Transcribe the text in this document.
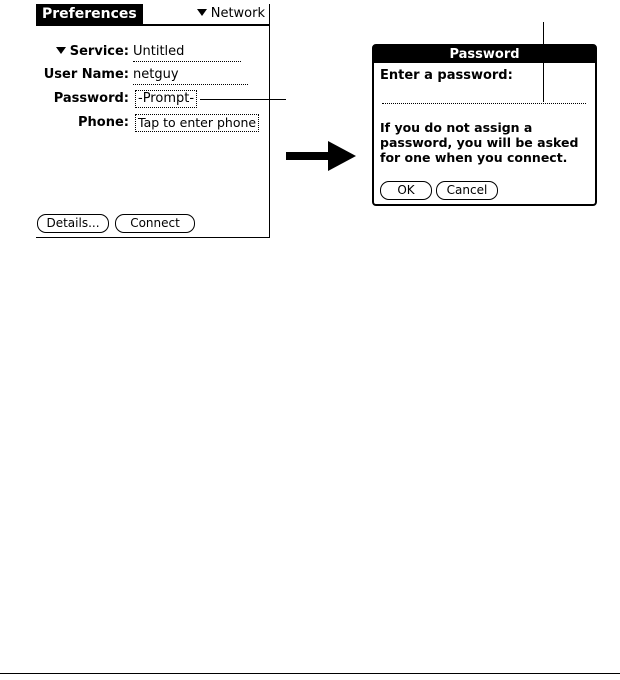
Preferences	Network
Service: Untitled
User Name: netguy
Password: -Prompt-
Phone: Tap to enter phone
Details...	Connect
Password
Enter a password:
If you do not assign a password, you will be asked for one when you connect.
OK	Cancel
